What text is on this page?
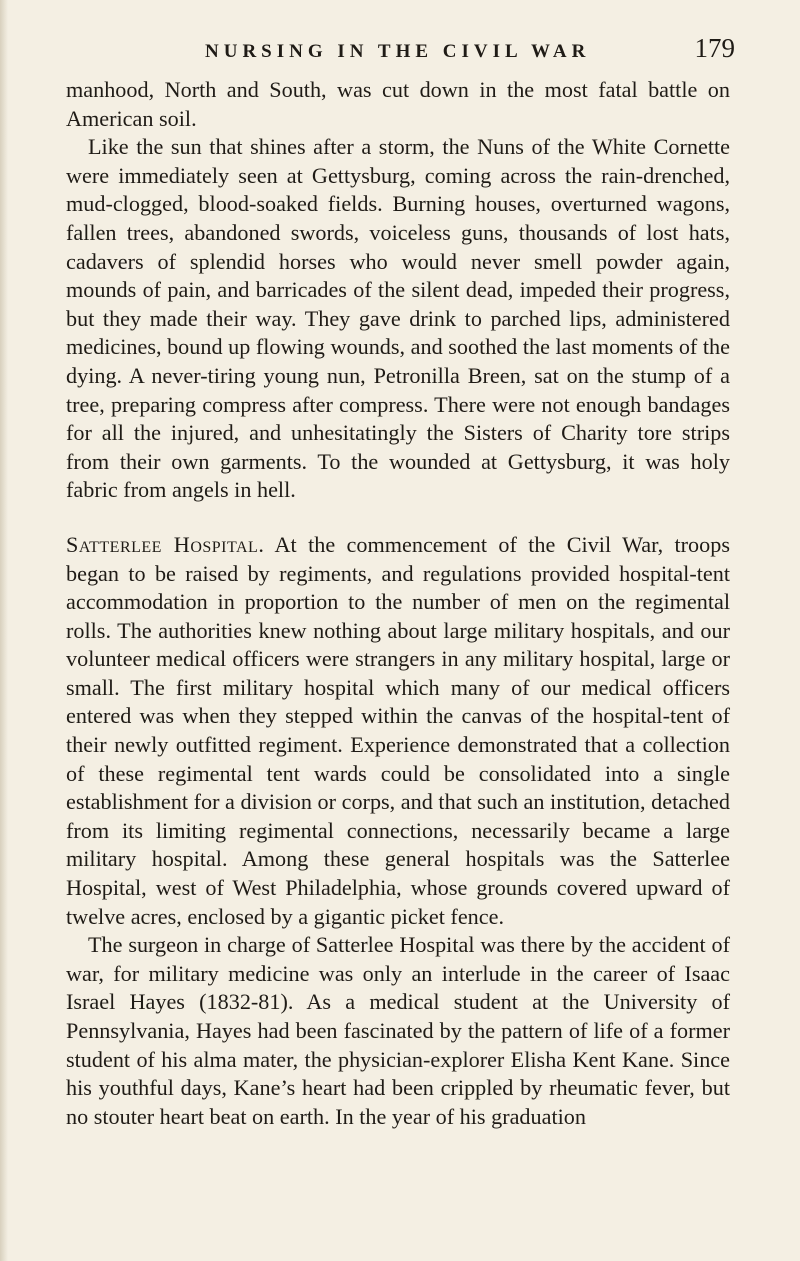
NURSING IN THE CIVIL WAR	179

manhood, North and South, was cut down in the most fatal battle on American soil.

Like the sun that shines after a storm, the Nuns of the White Cornette were immediately seen at Gettysburg, coming across the rain-drenched, mud-clogged, blood-soaked fields. Burning houses, overturned wagons, fallen trees, abandoned swords, voiceless guns, thousands of lost hats, cadavers of splendid horses who would never smell powder again, mounds of pain, and barricades of the silent dead, impeded their progress, but they made their way. They gave drink to parched lips, administered medicines, bound up flowing wounds, and soothed the last moments of the dying. A never-tiring young nun, Petronilla Breen, sat on the stump of a tree, preparing compress after compress. There were not enough bandages for all the injured, and unhesitatingly the Sisters of Charity tore strips from their own garments. To the wounded at Gettysburg, it was holy fabric from angels in hell.

Satterlee Hospital. At the commencement of the Civil War, troops began to be raised by regiments, and regulations provided hospital-tent accommodation in proportion to the number of men on the regimental rolls. The authorities knew nothing about large military hospitals, and our volunteer medical officers were strangers in any military hospital, large or small. The first military hospital which many of our medical officers entered was when they stepped within the canvas of the hospital-tent of their newly outfitted regiment. Experience demonstrated that a collection of these regimental tent wards could be consolidated into a single establishment for a division or corps, and that such an institution, detached from its limiting regimental connections, necessarily became a large military hospital. Among these general hospitals was the Satterlee Hospital, west of West Philadelphia, whose grounds covered upward of twelve acres, enclosed by a gigantic picket fence.

The surgeon in charge of Satterlee Hospital was there by the accident of war, for military medicine was only an interlude in the career of Isaac Israel Hayes (1832-81). As a medical student at the University of Pennsylvania, Hayes had been fascinated by the pattern of life of a former student of his alma mater, the physician-explorer Elisha Kent Kane. Since his youthful days, Kane’s heart had been crippled by rheumatic fever, but no stouter heart beat on earth. In the year of his graduation
